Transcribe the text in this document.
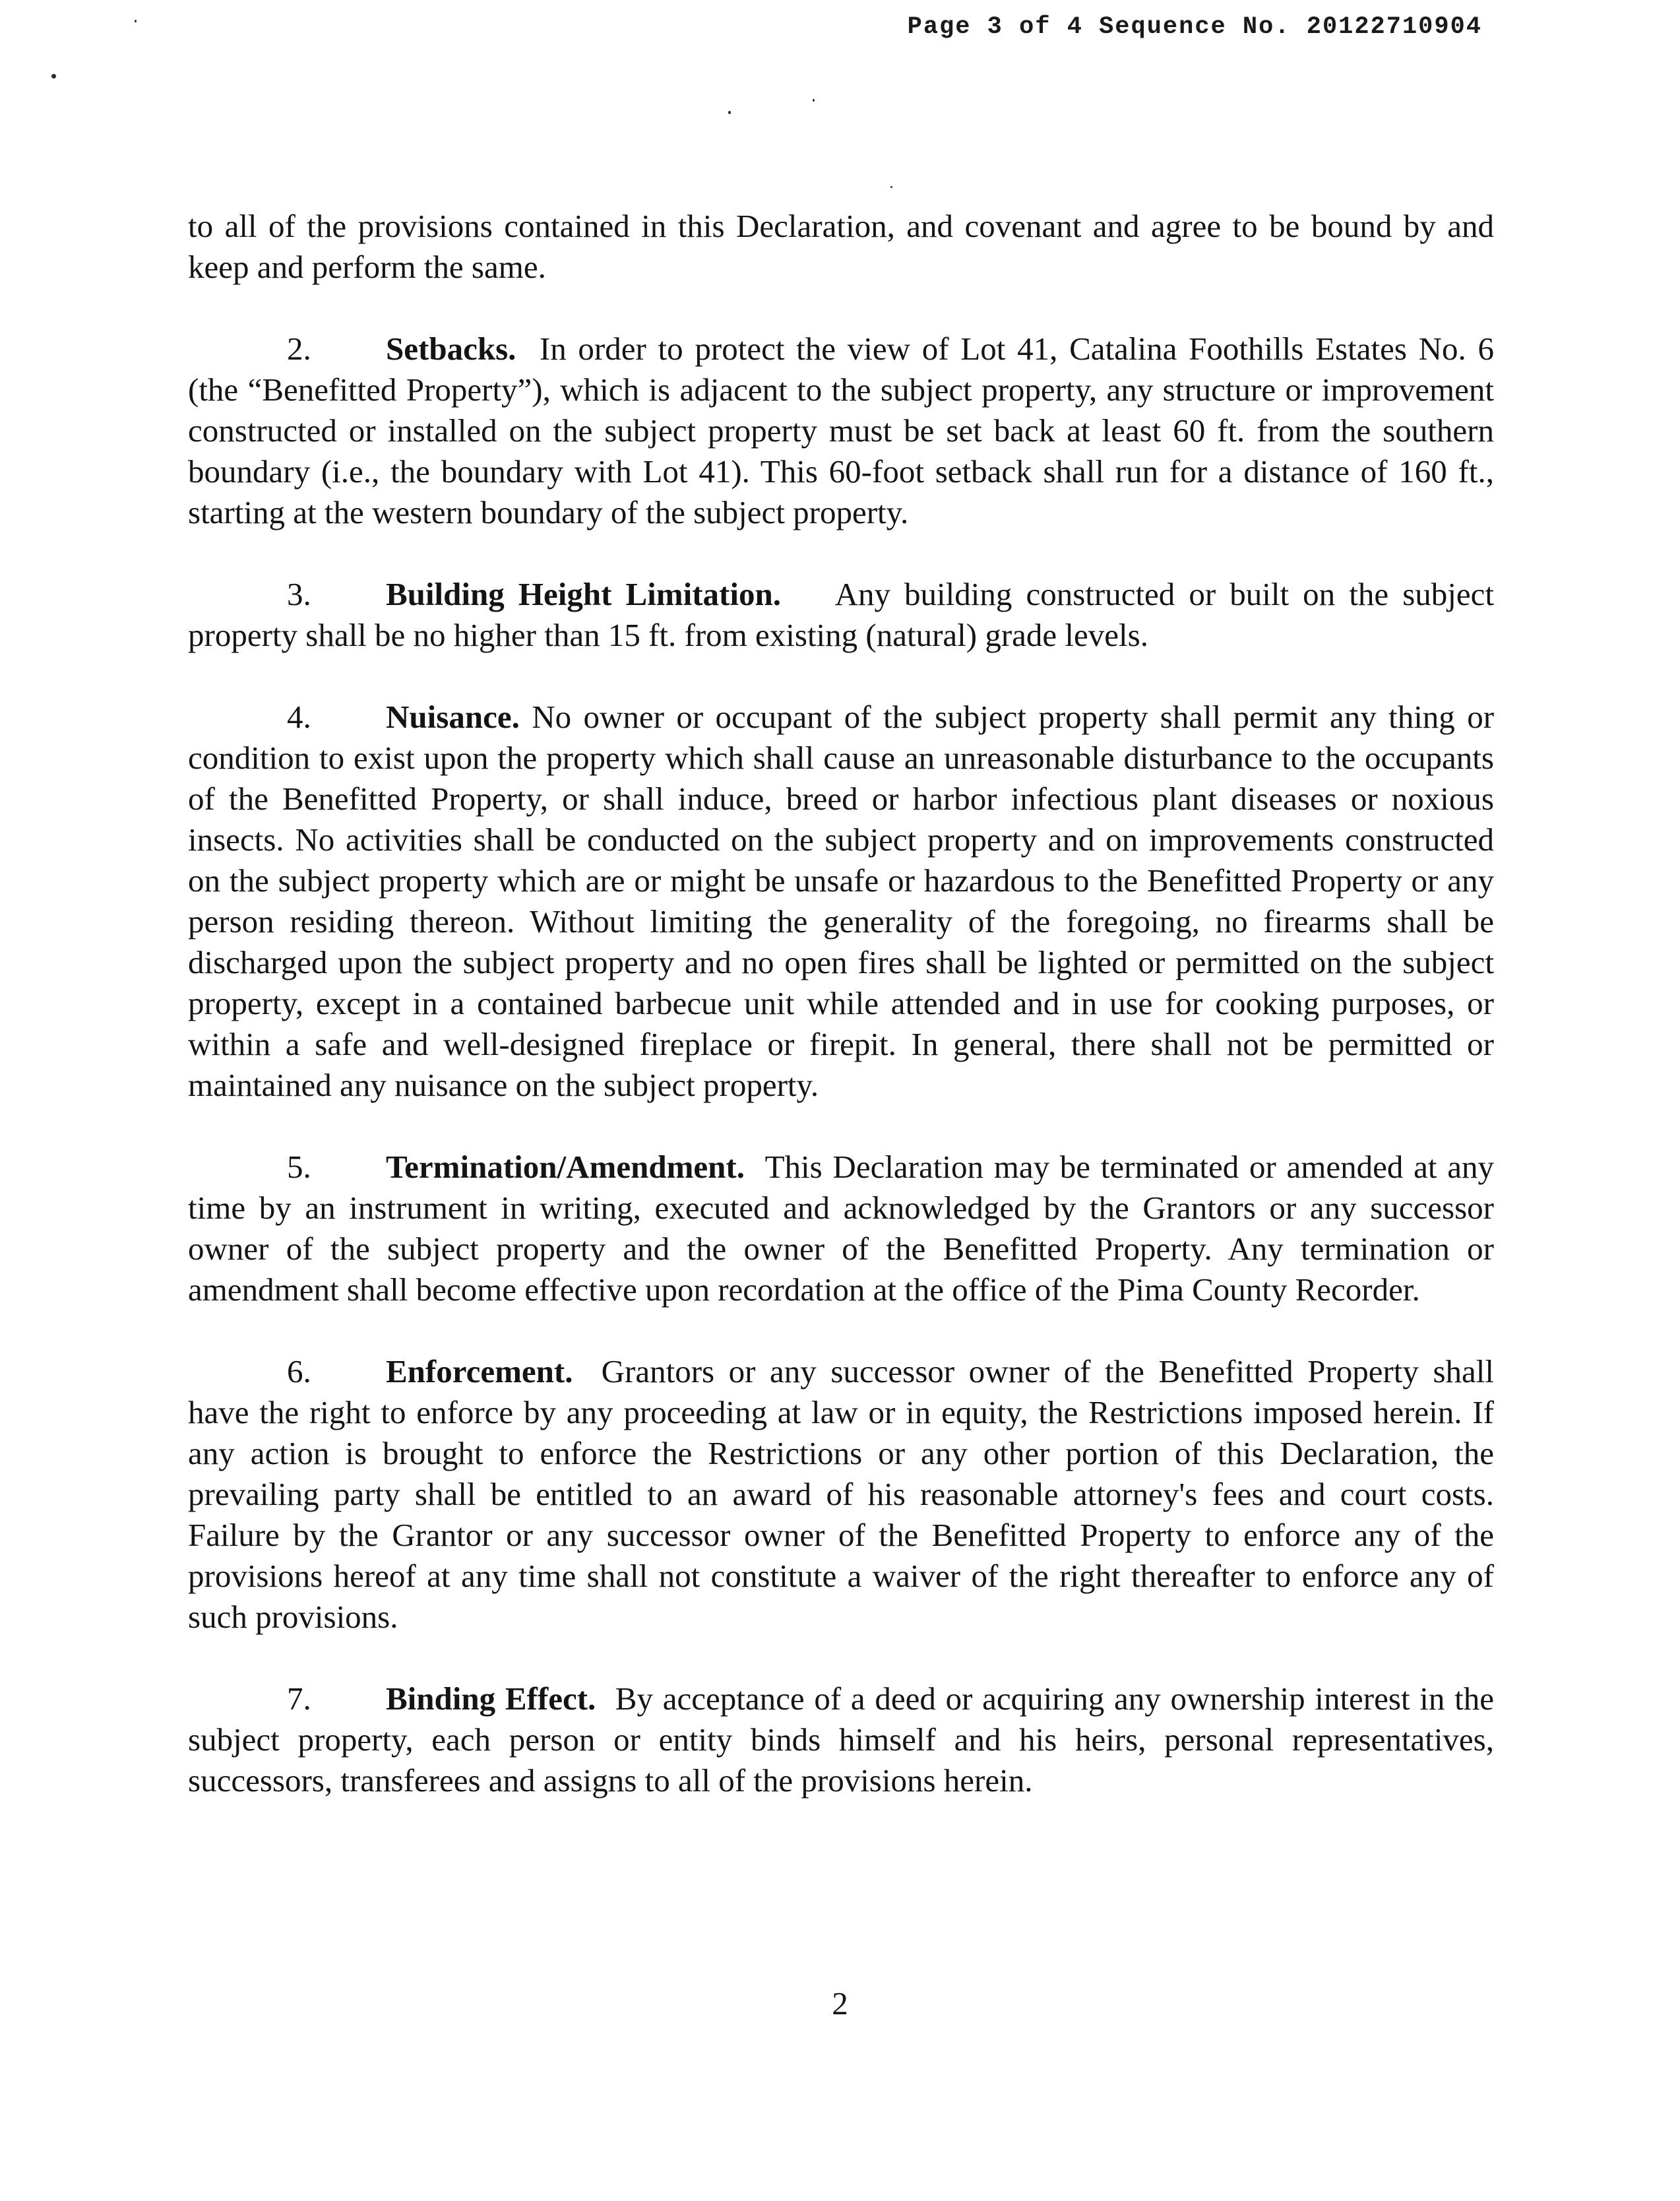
Page 3 of 4 Sequence No. 20122710904

to all of the provisions contained in this Declaration, and covenant and agree to be bound by and keep and perform the same.

2. Setbacks. In order to protect the view of Lot 41, Catalina Foothills Estates No. 6 (the “Benefitted Property”), which is adjacent to the subject property, any structure or improvement constructed or installed on the subject property must be set back at least 60 ft. from the southern boundary (i.e., the boundary with Lot 41). This 60-foot setback shall run for a distance of 160 ft., starting at the western boundary of the subject property.

3. Building Height Limitation. Any building constructed or built on the subject property shall be no higher than 15 ft. from existing (natural) grade levels.

4. Nuisance. No owner or occupant of the subject property shall permit any thing or condition to exist upon the property which shall cause an unreasonable disturbance to the occupants of the Benefitted Property, or shall induce, breed or harbor infectious plant diseases or noxious insects. No activities shall be conducted on the subject property and on improvements constructed on the subject property which are or might be unsafe or hazardous to the Benefitted Property or any person residing thereon. Without limiting the generality of the foregoing, no firearms shall be discharged upon the subject property and no open fires shall be lighted or permitted on the subject property, except in a contained barbecue unit while attended and in use for cooking purposes, or within a safe and well-designed fireplace or firepit. In general, there shall not be permitted or maintained any nuisance on the subject property.

5. Termination/Amendment. This Declaration may be terminated or amended at any time by an instrument in writing, executed and acknowledged by the Grantors or any successor owner of the subject property and the owner of the Benefitted Property. Any termination or amendment shall become effective upon recordation at the office of the Pima County Recorder.

6. Enforcement. Grantors or any successor owner of the Benefitted Property shall have the right to enforce by any proceeding at law or in equity, the Restrictions imposed herein. If any action is brought to enforce the Restrictions or any other portion of this Declaration, the prevailing party shall be entitled to an award of his reasonable attorney's fees and court costs. Failure by the Grantor or any successor owner of the Benefitted Property to enforce any of the provisions hereof at any time shall not constitute a waiver of the right thereafter to enforce any of such provisions.

7. Binding Effect. By acceptance of a deed or acquiring any ownership interest in the subject property, each person or entity binds himself and his heirs, personal representatives, successors, transferees and assigns to all of the provisions herein.

2
